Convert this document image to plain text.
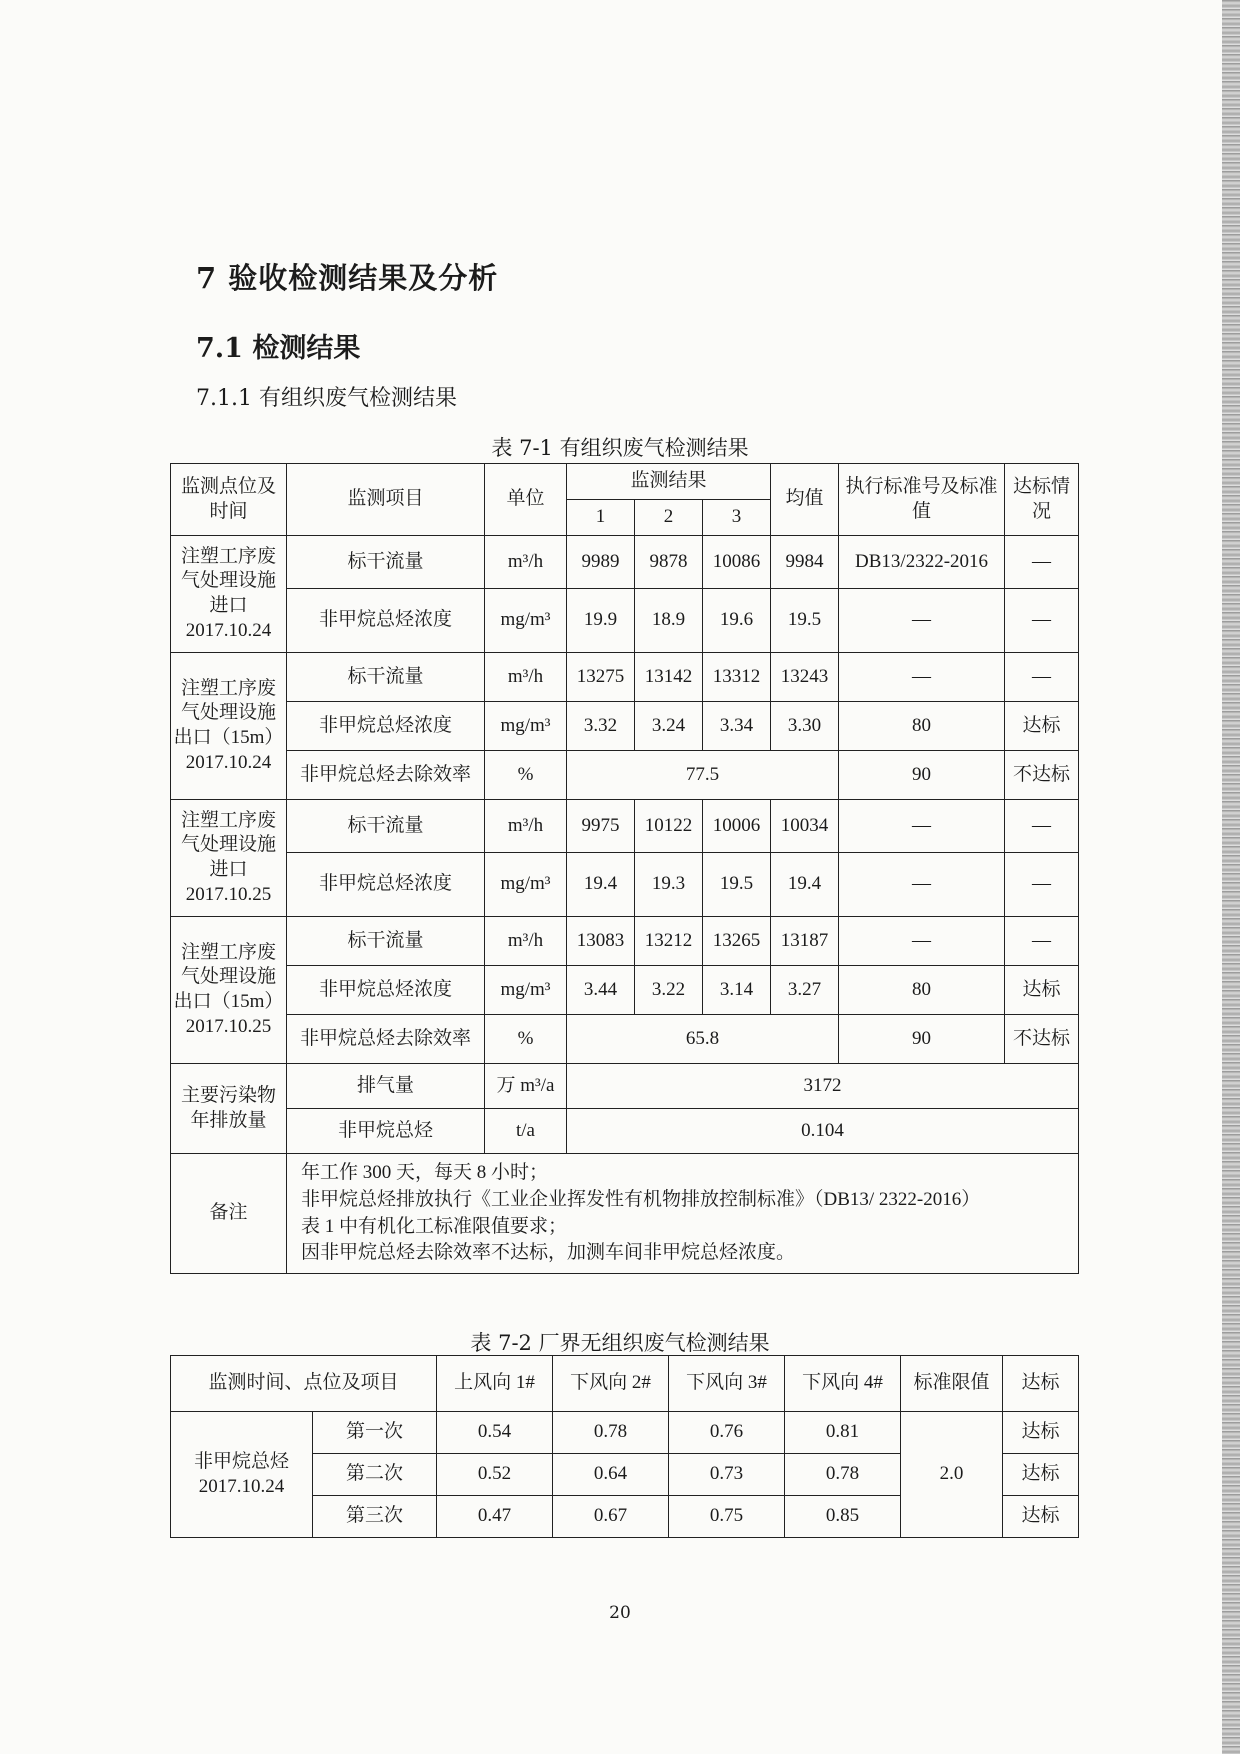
7 验收检测结果及分析
7.1 检测结果
7.1.1 有组织废气检测结果
表 7-1 有组织废气检测结果
监测点位及时间	监测项目	单位	监测结果			均值	执行标准号及标准值	达标情况
			1	2	3			
注塑工序废气处理设施进口2017.10.24	标干流量	m³/h	9989	9878	10086	9984	DB13/2322-2016	—
	非甲烷总烃浓度	mg/m³	19.9	18.9	19.6	19.5	—	—
注塑工序废气处理设施出口（15m）2017.10.24	标干流量	m³/h	13275	13142	13312	13243	—	—
	非甲烷总烃浓度	mg/m³	3.32	3.24	3.34	3.30	80	达标
	非甲烷总烃去除效率	%	77.5				90	不达标
注塑工序废气处理设施进口2017.10.25	标干流量	m³/h	9975	10122	10006	10034	—	—
	非甲烷总烃浓度	mg/m³	19.4	19.3	19.5	19.4	—	—
注塑工序废气处理设施出口（15m）2017.10.25	标干流量	m³/h	13083	13212	13265	13187	—	—
	非甲烷总烃浓度	mg/m³	3.44	3.22	3.14	3.27	80	达标
	非甲烷总烃去除效率	%	65.8				90	不达标
主要污染物年排放量	排气量	万 m³/a	3172					
	非甲烷总烃	t/a	0.104					
备注	年工作 300 天，每天 8 小时；
非甲烷总烃排放执行《工业企业挥发性有机物排放控制标准》（DB13/ 2322-2016）
表 1 中有机化工标准限值要求；
因非甲烷总烃去除效率不达标，加测车间非甲烷总烃浓度。							
表 7-2 厂界无组织废气检测结果
监测时间、点位及项目		上风向 1#	下风向 2#	下风向 3#	下风向 4#	标准限值	达标
非甲烷总烃2017.10.24	第一次	0.54	0.78	0.76	0.81	2.0	达标
	第二次	0.52	0.64	0.73	0.78		达标
	第三次	0.47	0.67	0.75	0.85		达标
20
